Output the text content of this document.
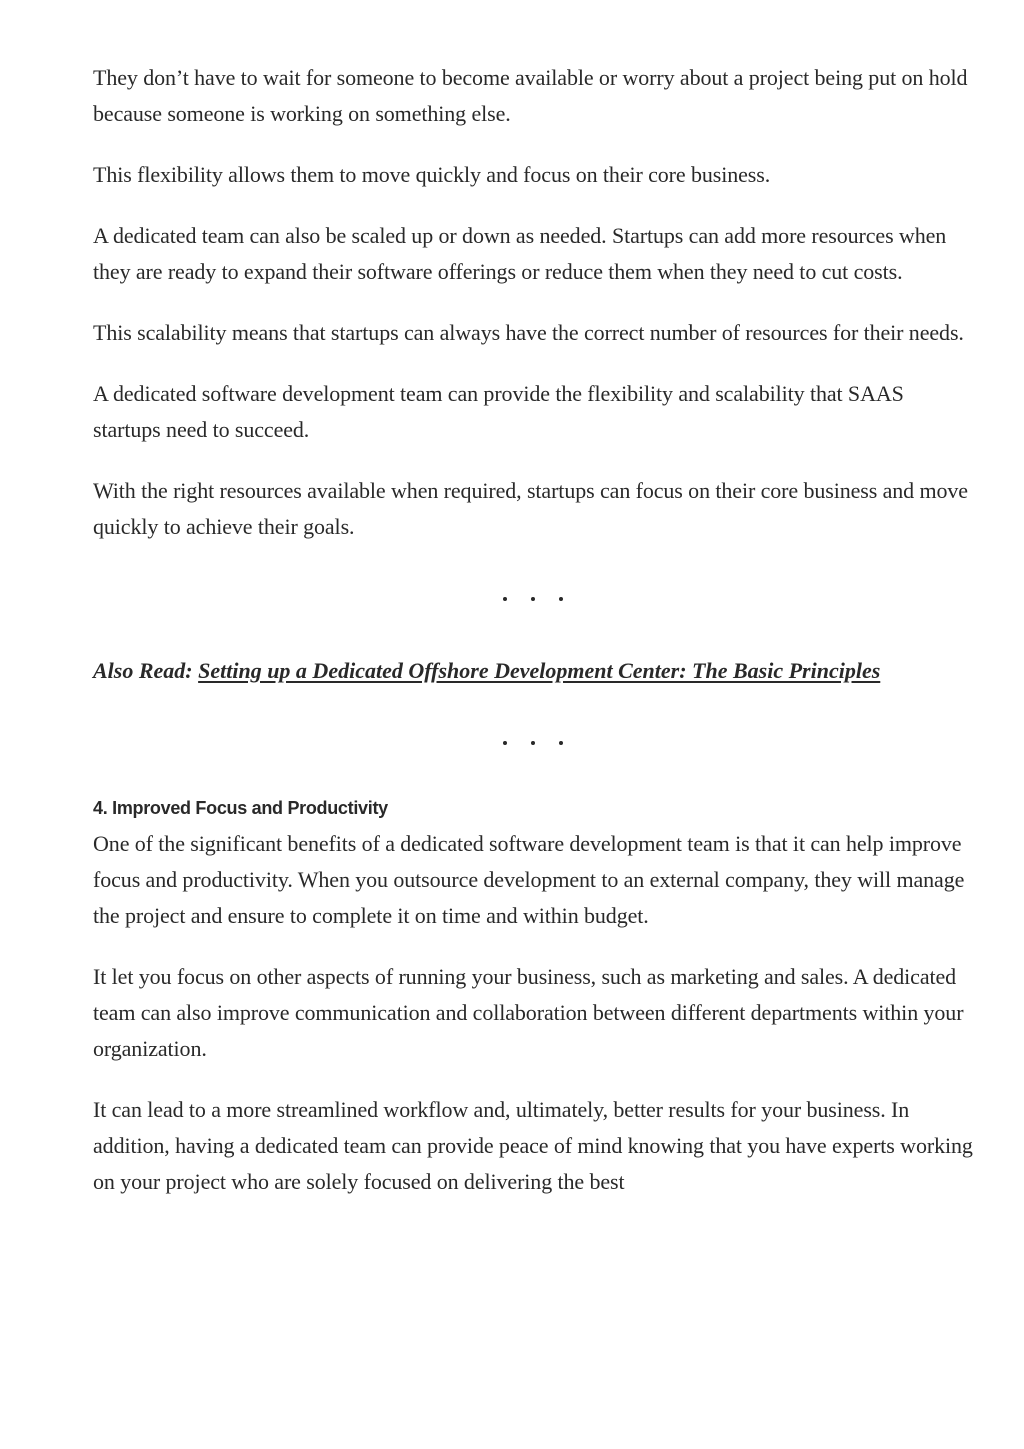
They don’t have to wait for someone to become available or worry about a project being put on hold because someone is working on something else.

This flexibility allows them to move quickly and focus on their core business.

A dedicated team can also be scaled up or down as needed. Startups can add more resources when they are ready to expand their software offerings or reduce them when they need to cut costs.

This scalability means that startups can always have the correct number of resources for their needs.

A dedicated software development team can provide the flexibility and scalability that SAAS startups need to succeed.

With the right resources available when required, startups can focus on their core business and move quickly to achieve their goals.

Also Read: Setting up a Dedicated Offshore Development Center: The Basic Principles

4. Improved Focus and Productivity

One of the significant benefits of a dedicated software development team is that it can help improve focus and productivity. When you outsource development to an external company, they will manage the project and ensure to complete it on time and within budget.

It let you focus on other aspects of running your business, such as marketing and sales. A dedicated team can also improve communication and collaboration between different departments within your organization.

It can lead to a more streamlined workflow and, ultimately, better results for your business. In addition, having a dedicated team can provide peace of mind knowing that you have experts working on your project who are solely focused on delivering the best
